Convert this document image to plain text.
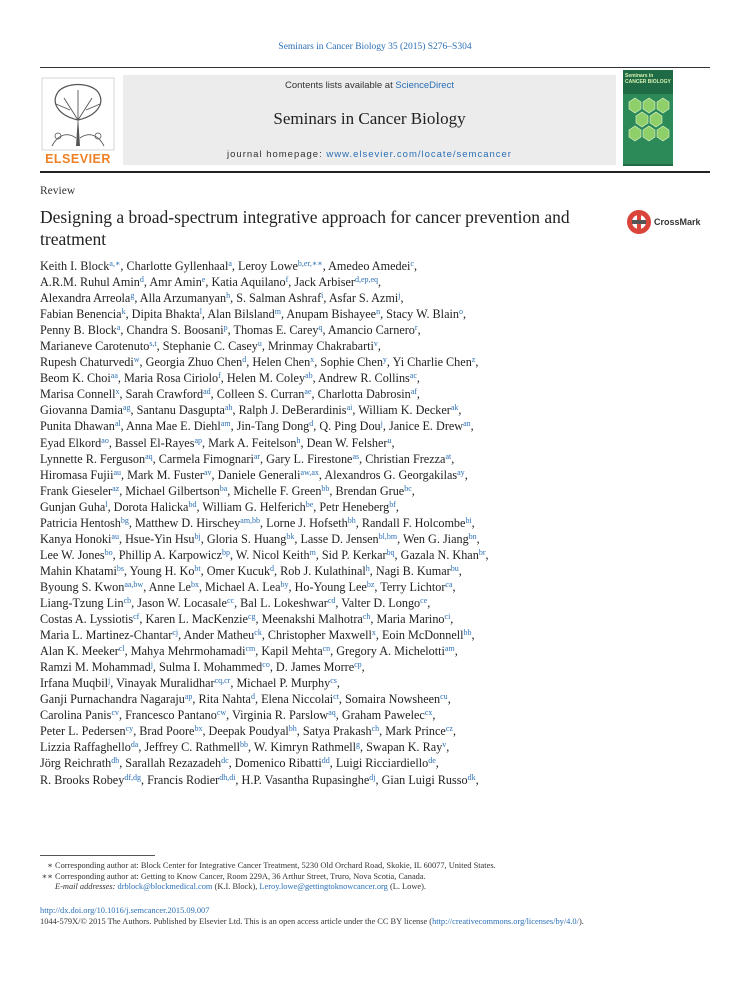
Seminars in Cancer Biology 35 (2015) S276–S304
ELSEVIER
Contents lists available at ScienceDirect
Seminars in Cancer Biology
journal homepage: www.elsevier.com/locate/semcancer
Seminars in CANCER BIOLOGY
Review
Designing a broad-spectrum integrative approach for cancer prevention and treatment
CrossMark
Keith I. Block$^{a,∗}$, Charlotte Gyllenhaal$^a$, Leroy Lowe$^{b,er,∗∗}$, Amedeo Amedei$^c$,
A.R.M. Ruhul Amin$^d$, Amr Amin$^e$, Katia Aquilano$^f$, Jack Arbiser$^{d,ep,eq}$,
Alexandra Arreola$^g$, Alla Arzumanyan$^h$, S. Salman Ashraf$^i$, Asfar S. Azmi$^j$,
Fabian Benencia$^k$, Dipita Bhakta$^l$, Alan Bilsland$^m$, Anupam Bishayee$^n$, Stacy W. Blain$^o$,
Penny B. Block$^a$, Chandra S. Boosani$^p$, Thomas E. Carey$^q$, Amancio Carnero$^r$,
Marianeve Carotenuto$^{s,t}$, Stephanie C. Casey$^u$, Mrinmay Chakrabarti$^v$,
Rupesh Chaturvedi$^w$, Georgia Zhuo Chen$^d$, Helen Chen$^x$, Sophie Chen$^y$, Yi Charlie Chen$^z$,
Beom K. Choi$^{aa}$, Maria Rosa Ciriolo$^f$, Helen M. Coley$^{ab}$, Andrew R. Collins$^{ac}$,
Marisa Connell$^x$, Sarah Crawford$^{ad}$, Colleen S. Curran$^{ae}$, Charlotta Dabrosin$^{af}$,
Giovanna Damia$^{ag}$, Santanu Dasgupta$^{ah}$, Ralph J. DeBerardinis$^{ai}$, William K. Decker$^{ak}$,
Punita Dhawan$^{al}$, Anna Mae E. Diehl$^{am}$, Jin-Tang Dong$^d$, Q. Ping Dou$^j$, Janice E. Drew$^{an}$,
Eyad Elkord$^{ao}$, Bassel El-Rayes$^{ap}$, Mark A. Feitelson$^h$, Dean W. Felsher$^u$,
Lynnette R. Ferguson$^{aq}$, Carmela Fimognari$^{ar}$, Gary L. Firestone$^{as}$, Christian Frezza$^{at}$,
Hiromasa Fujii$^{au}$, Mark M. Fuster$^{av}$, Daniele Generali$^{aw,ax}$, Alexandros G. Georgakilas$^{ay}$,
Frank Gieseler$^{az}$, Michael Gilbertson$^{ba}$, Michelle F. Green$^{bb}$, Brendan Grue$^{bc}$,
Gunjan Guha$^l$, Dorota Halicka$^{bd}$, William G. Helferich$^{be}$, Petr Heneberg$^{bf}$,
Patricia Hentosh$^{bg}$, Matthew D. Hirschey$^{am,bb}$, Lorne J. Hofseth$^{bh}$, Randall F. Holcombe$^{bi}$,
Kanya Honoki$^{au}$, Hsue-Yin Hsu$^{bj}$, Gloria S. Huang$^{bk}$, Lasse D. Jensen$^{bl,bm}$, Wen G. Jiang$^{bn}$,
Lee W. Jones$^{bo}$, Phillip A. Karpowicz$^{bp}$, W. Nicol Keith$^m$, Sid P. Kerkar$^{bq}$, Gazala N. Khan$^{br}$,
Mahin Khatami$^{bs}$, Young H. $Ko^{bt}$, Omer Kucuk$^d$, Rob J. Kulathinal$^h$, Nagi B. Kumar$^{bu}$,
Byoung S. Kwon$^{aa,bw}$, Anne $Le^{bx}$, Michael A. Lea$^{by}$, Ho-Young Lee$^{bz}$, Terry Lichtor$^{ca}$,
Liang-Tzung Lin$^{cb}$, Jason W. Locasale$^{cc}$, Bal L. Lokeshwar$^{cd}$, Valter D. Longo$^{ce}$,
Costas A. Lyssiotis$^{cf}$, Karen L. MacKenzie$^{cg}$, Meenakshi Malhotra$^{ch}$, Maria Marino$^{ci}$,
Maria L. Martinez-Chantar$^{cj}$, Ander Matheu$^{ck}$, Christopher Maxwell$^x$, Eoin McDonnell$^{bb}$,
Alan K. Meeker$^{cl}$, Mahya Mehrmohamadi$^{cm}$, Kapil Mehta$^{cn}$, Gregory A. Michelotti$^{am}$,
Ramzi M. Mohammad$^j$, Sulma I. Mohammed$^{co}$, D. James Morre$^{cp}$,
Irfana Muqbil$^j$, Vinayak Muralidhar$^{cq,cr}$, Michael P. Murphy$^{cs}$,
Ganji Purnachandra Nagaraju$^{ap}$, Rita Nahta$^d$, Elena Niccolai$^{ct}$, Somaira Nowsheen$^{cu}$,
Carolina Panis$^{cv}$, Francesco Pantano$^{cw}$, Virginia R. Parslow$^{aq}$, Graham Pawelec$^{cx}$,
Peter L. Pedersen$^{cy}$, Brad Poore$^{bx}$, Deepak Poudyal$^{bh}$, Satya Prakash$^{ch}$, Mark Prince$^{cz}$,
Lizzia Raffaghello$^{da}$, Jeffrey C. Rathmell$^{bb}$, W. Kimryn Rathmell$^g$, Swapan K. Ray$^v$,
Jörg Reichrath$^{db}$, Sarallah Rezazadeh$^{dc}$, Domenico Ribatti$^{dd}$, Luigi Ricciardiello$^{de}$,
R. Brooks Robey$^{df,dg}$, Francis Rodier$^{dh,di}$, H.P. Vasantha Rupasinghe$^{dj}$, Gian Luigi Russo$^{dk}$,
∗ Corresponding author at: Block Center for Integrative Cancer Treatment, 5230 Old Orchard Road, Skokie, IL 60077, United States.
∗∗ Corresponding author at: Getting to Know Cancer, Room 229A, 36 Arthur Street, Truro, Nova Scotia, Canada.
E-mail addresses: drblock@blockmedical.com (K.I. Block), Leroy.lowe@gettingtoknowcancer.org (L. Lowe).
http://dx.doi.org/10.1016/j.semcancer.2015.09.007
1044-579X/© 2015 The Authors. Published by Elsevier Ltd. This is an open access article under the CC BY license (http://creativecommons.org/licenses/by/4.0/).
